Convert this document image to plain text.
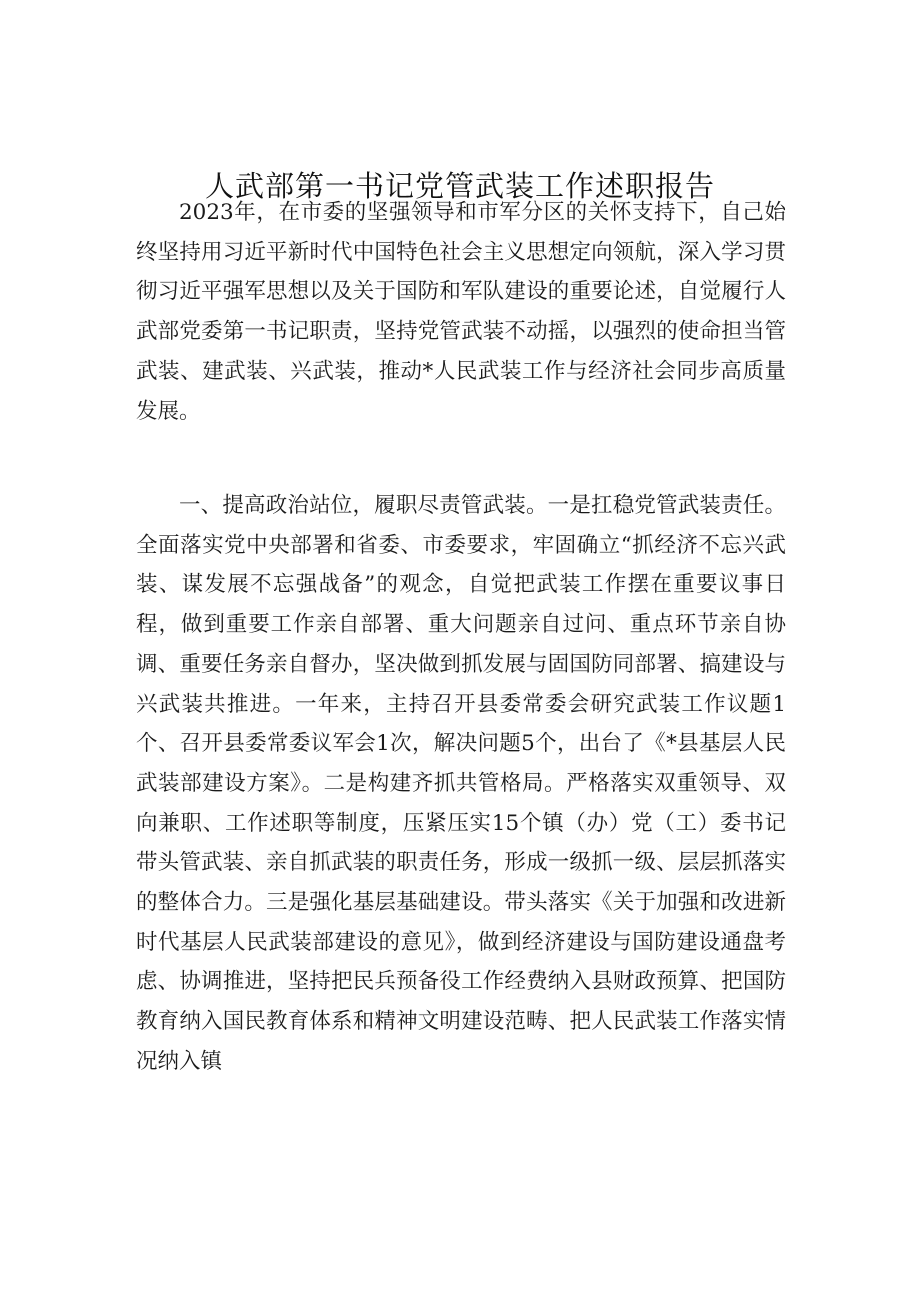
人武部第一书记党管武装工作述职报告

2023年，在市委的坚强领导和市军分区的关怀支持下，自己始终坚持用习近平新时代中国特色社会主义思想定向领航，深入学习贯彻习近平强军思想以及关于国防和军队建设的重要论述，自觉履行人武部党委第一书记职责，坚持党管武装不动摇，以强烈的使命担当管武装、建武装、兴武装，推动*人民武装工作与经济社会同步高质量发展。

一、提高政治站位，履职尽责管武装。一是扛稳党管武装责任。全面落实党中央部署和省委、市委要求，牢固确立“抓经济不忘兴武装、谋发展不忘强战备”的观念，自觉把武装工作摆在重要议事日程，做到重要工作亲自部署、重大问题亲自过问、重点环节亲自协调、重要任务亲自督办，坚决做到抓发展与固国防同部署、搞建设与兴武装共推进。一年来，主持召开县委常委会研究武装工作议题1个、召开县委常委议军会1次，解决问题5个，出台了《*县基层人民武装部建设方案》。二是构建齐抓共管格局。严格落实双重领导、双向兼职、工作述职等制度，压紧压实15个镇（办）党（工）委书记带头管武装、亲自抓武装的职责任务，形成一级抓一级、层层抓落实的整体合力。三是强化基层基础建设。带头落实《关于加强和改进新时代基层人民武装部建设的意见》，做到经济建设与国防建设通盘考虑、协调推进，坚持把民兵预备役工作经费纳入县财政预算、把国防教育纳入国民教育体系和精神文明建设范畴、把人民武装工作落实情况纳入镇
